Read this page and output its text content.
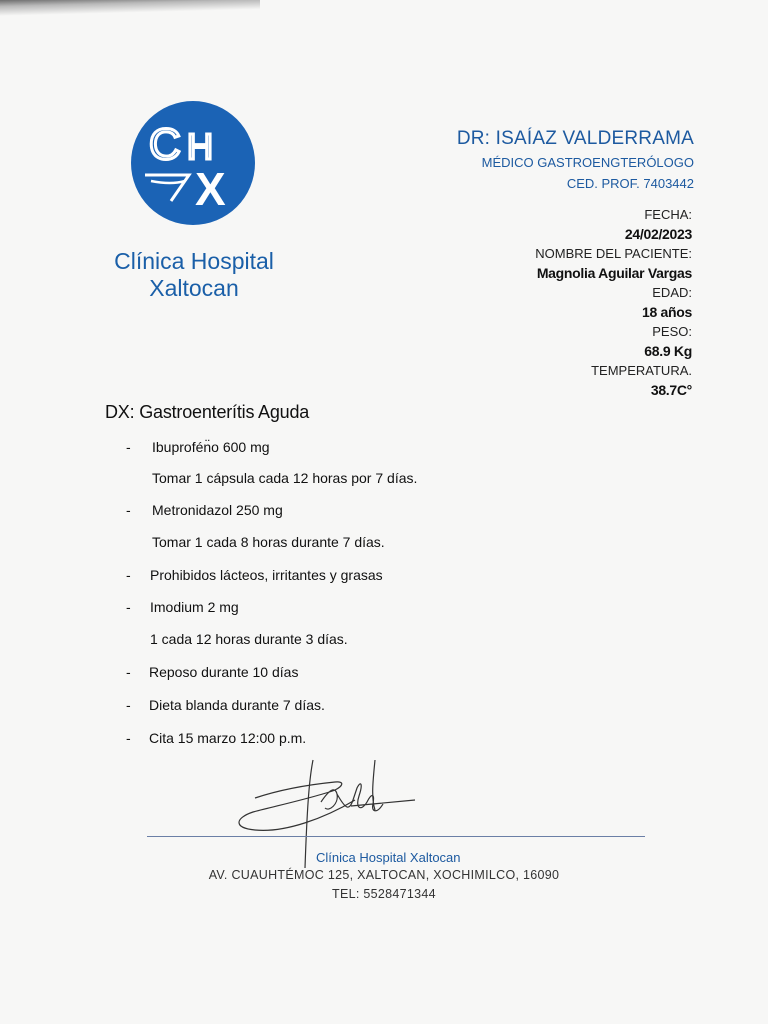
C H
X
Clínica Hospital
Xaltocan
DR: ISAÍAZ VALDERRAMA
MÉDICO GASTROENGTERÓLOGO
CED. PROF. 7403442
FECHA:
24/02/2023
NOMBRE DEL PACIENTE:
Magnolia Aguilar Vargas
EDAD:
18 años
PESO:
68.9 Kg
TEMPERATURA.
38.7C°
DX: Gastroenterítis Aguda
- Ibuprofén̈o 600 mg
Tomar 1 cápsula cada 12 horas por 7 días.
- Metronidazol 250 mg
Tomar 1 cada 8 horas durante 7 días.
- Prohibidos lácteos, irritantes y grasas
- Imodium 2 mg
1 cada 12 horas durante 3 días.
- Reposo durante 10 días
- Dieta blanda durante 7 días.
- Cita 15 marzo 12:00 p.m.
Clínica Hospital Xaltocan
AV. CUAUHTÉMOC 125, XALTOCAN, XOCHIMILCO, 16090
TEL: 5528471344
